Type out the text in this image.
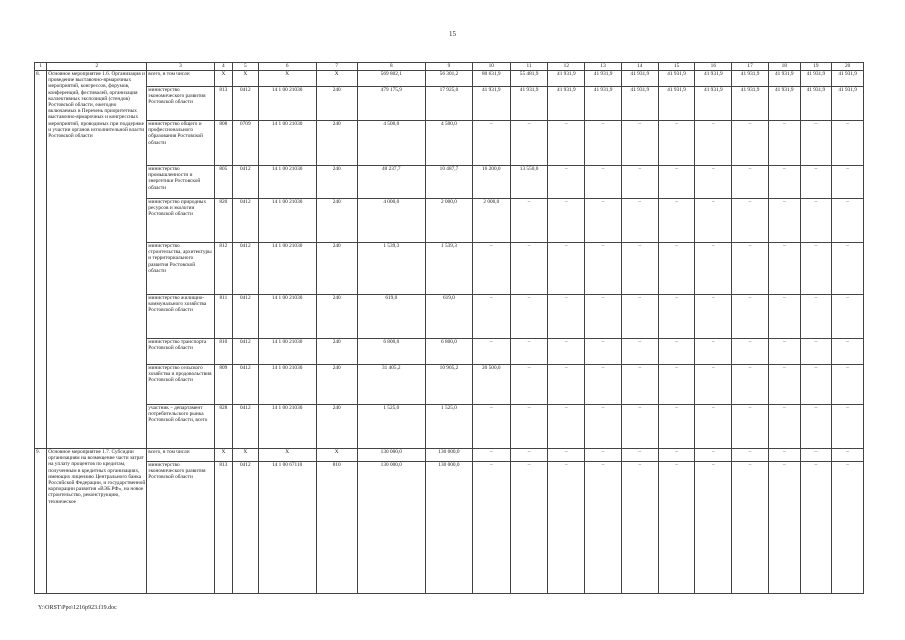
15
1	2	3	4	5	6	7	8	9	10	11	12	13	14	15	16	17	18	19	20
8.	Основное мероприятие 1.6. Организация и проведение выставочно-ярмарочных мероприятий, конгрессов, форумов, конференций, фестивалей, организация коллективных экспозиций (стендов) Ростовской области, ежегодно включаемых в Перечень приоритетных выставочно-ярмарочных и конгрессных мероприятий, проводимых при поддержке и участии органов исполнительной власти Ростовской области	всего, в том числе:	X	X	X	X	569 802,1	56 301,2	80 631,9	55 481,9	41 931,9	41 931,9	41 931,9	41 931,9	41 931,9	41 931,9	41 931,9	41 931,9	41 931,9
		министерство экономического развития Ростовской области	813	0412	14 1 00 21030	240	479 175,9	17 925,0	41 931,9	41 931,9	41 931,9	41 931,9	41 931,9	41 931,9	41 931,9	41 931,9	41 931,9	41 931,9	41 931,9
		министерство общего и профессионального образования Ростовской области	808	0709	14 1 00 21030	240	4 500,0	4 500,0	–	–	–	–	–	–	–	–	–	–	–
		министерство промышленности и энергетики Ростовской области	805	0412	14 1 00 21030	240	40 237,7	10 487,7	16 200,0	13 550,0	–	–	–	–	–	–	–	–	–
		министерство природных ресурсов и экологии Ростовской области	820	0412	14 1 00 21030	240	4 000,0	2 000,0	2 000,0	–	–	–	–	–	–	–	–	–	–
		министерство строительства, архитектуры и территориального развития Ростовской области	812	0412	14 1 00 21030	240	1 539,3	1 539,3	–	–	–	–	–	–	–	–	–	–	–
		министерство жилищно-коммунального хозяйства Ростовской области	811	0412	14 1 00 21030	240	619,0	619,0	–	–	–	–	–	–	–	–	–	–	–
		министерство транспорта Ростовской области	810	0412	14 1 00 21030	240	6 800,0	6 800,0	–	–	–	–	–	–	–	–	–	–	–
		министерство сельского хозяйства и продовольствия Ростовской области	809	0412	14 1 00 21030	240	31 405,2	10 905,2	20 500,0	–	–	–	–	–	–	–	–	–	–
		участник – департамент потребительского рынка Ростовской области, всего	828	0412	14 1 00 21030	240	1 525,0	1 525,0	–	–	–	–	–	–	–	–	–	–	–
9.	Основное мероприятие 1.7. Субсидии организациям на возмещение части затрат на уплату процентов по кредитам, полученным в кредитных организациях, имеющих лицензию Центрального банка Российской Федерации, и государственной корпорации развития «ВЭБ.РФ», на новое строительство, реконструкцию, техническое	всего, в том числе:	X	X	X	X	130 000,0	130 000,0	–	–	–	–	–	–	–	–	–	–	–
		министерство экономического развития Ростовской области	813	0412	14 1 00 67110	810	130 000,0	130 000,0	–	–	–	–	–	–	–	–	–	–	–
Y:\ORST\Ppo\1216p923.f19.doc
